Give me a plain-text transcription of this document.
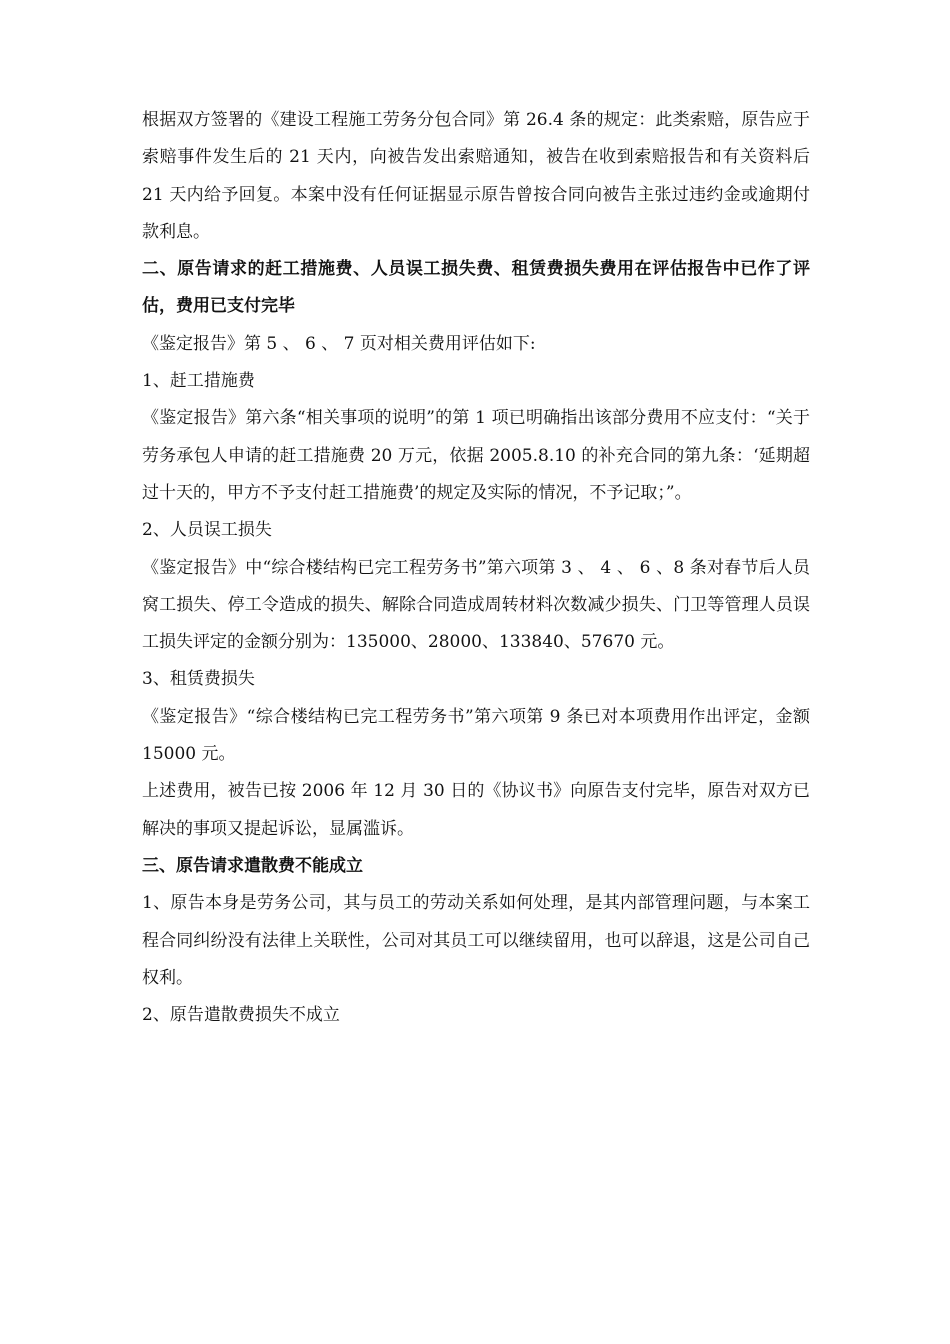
根据双方签署的《建设工程施工劳务分包合同》第 26.4 条的规定：此类索赔，原告应于索赔事件发生后的 21 天内，向被告发出索赔通知，被告在收到索赔报告和有关资料后 21 天内给予回复。本案中没有任何证据显示原告曾按合同向被告主张过违约金或逾期付款利息。

二、原告请求的赶工措施费、人员误工损失费、租赁费损失费用在评估报告中已作了评估，费用已支付完毕

《鉴定报告》第 5 、 6 、 7 页对相关费用评估如下:

1、赶工措施费

《鉴定报告》第六条“相关事项的说明”的第 1 项已明确指出该部分费用不应支付：“关于劳务承包人申请的赶工措施费 20 万元，依据 2005.8.10 的补充合同的第九条：‘延期超过十天的，甲方不予支付赶工措施费’的规定及实际的情况，不予记取；”。

2、人员误工损失

《鉴定报告》中“综合楼结构已完工程劳务书”第六项第 3 、 4 、 6 、8 条对春节后人员窝工损失、停工令造成的损失、解除合同造成周转材料次数减少损失、门卫等管理人员误工损失评定的金额分别为：135000、28000、133840、57670 元。

3、租赁费损失

《鉴定报告》“综合楼结构已完工程劳务书”第六项第 9 条已对本项费用作出评定，金额 15000 元。

上述费用，被告已按 2006 年 12 月 30 日的《协议书》向原告支付完毕，原告对双方已解决的事项又提起诉讼，显属滥诉。

三、原告请求遣散费不能成立

1、原告本身是劳务公司，其与员工的劳动关系如何处理，是其内部管理问题，与本案工程合同纠纷没有法律上关联性，公司对其员工可以继续留用，也可以辞退，这是公司自己权利。

2、原告遣散费损失不成立
